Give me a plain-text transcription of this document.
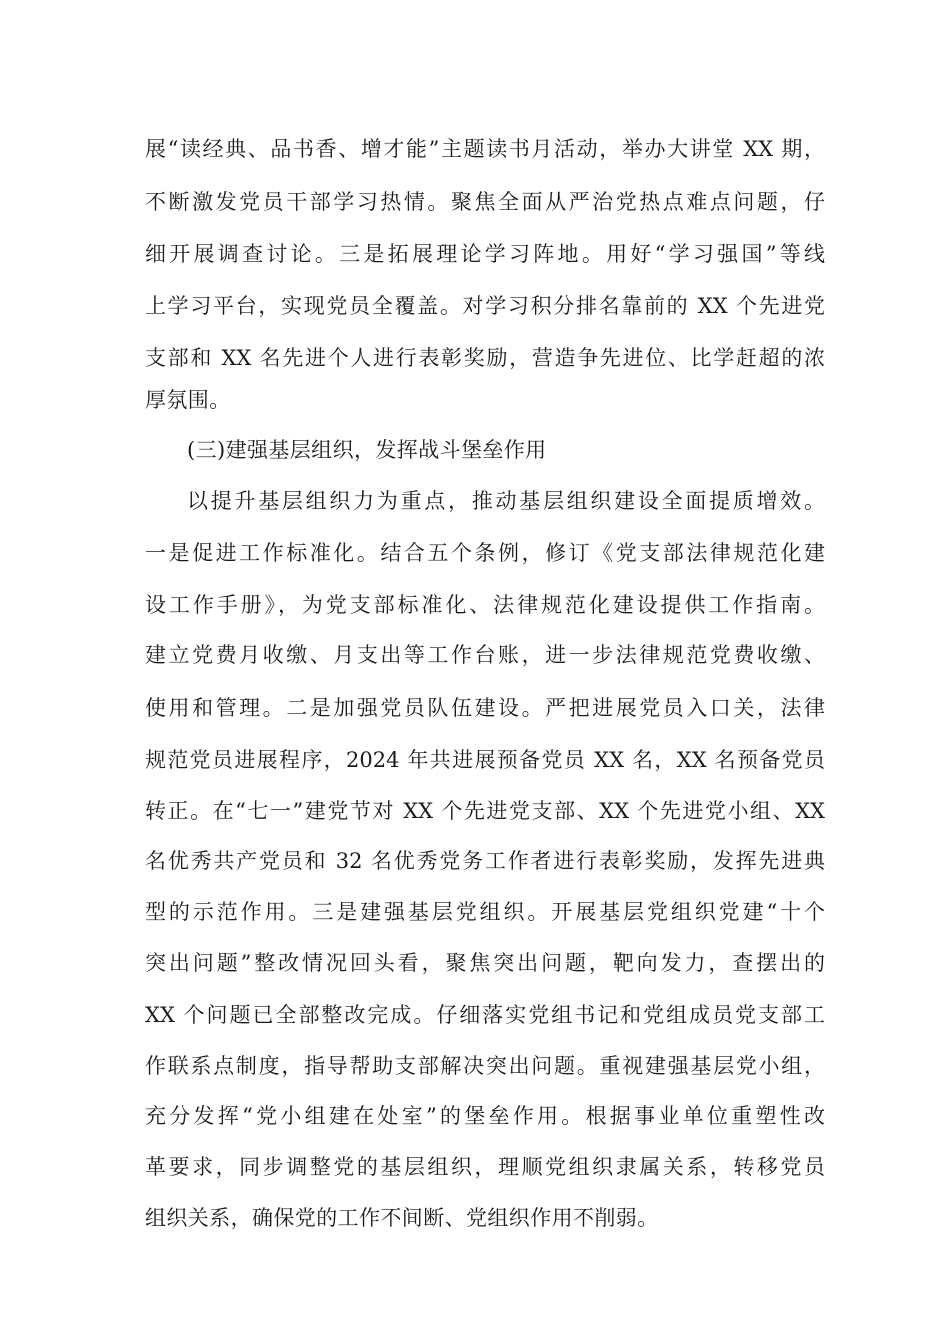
展“读经典、品书香、增才能”主题读书月活动，举办大讲堂 XX 期，
不断激发党员干部学习热情。聚焦全面从严治党热点难点问题，仔
细开展调查讨论。三是拓展理论学习阵地。用好“学习强国”等线
上学习平台，实现党员全覆盖。对学习积分排名靠前的 XX 个先进党
支部和 XX 名先进个人进行表彰奖励，营造争先进位、比学赶超的浓
厚氛围。
(三)建强基层组织，发挥战斗堡垒作用
以提升基层组织力为重点，推动基层组织建设全面提质增效。
一是促进工作标准化。结合五个条例，修订《党支部法律规范化建
设工作手册》，为党支部标准化、法律规范化建设提供工作指南。
建立党费月收缴、月支出等工作台账，进一步法律规范党费收缴、
使用和管理。二是加强党员队伍建设。严把进展党员入口关，法律
规范党员进展程序，2024 年共进展预备党员 XX 名，XX 名预备党员
转正。在“七一”建党节对 XX 个先进党支部、XX 个先进党小组、XX
名优秀共产党员和 32 名优秀党务工作者进行表彰奖励，发挥先进典
型的示范作用。三是建强基层党组织。开展基层党组织党建“十个
突出问题”整改情况回头看，聚焦突出问题，靶向发力，查摆出的
XX 个问题已全部整改完成。仔细落实党组书记和党组成员党支部工
作联系点制度，指导帮助支部解决突出问题。重视建强基层党小组，
充分发挥“党小组建在处室”的堡垒作用。根据事业单位重塑性改
革要求，同步调整党的基层组织，理顺党组织隶属关系，转移党员
组织关系，确保党的工作不间断、党组织作用不削弱。
